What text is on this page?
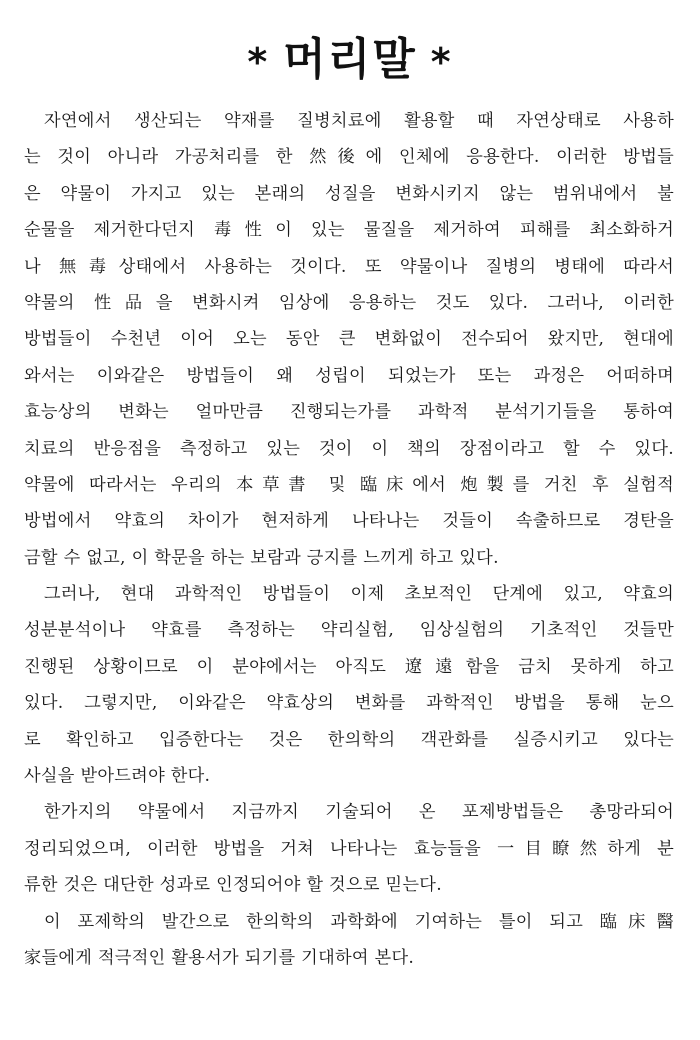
* 머리말 *
자연에서 생산되는 약재를 질병치료에 활용할 때 자연상태로 사용하
는 것이 아니라 가공처리를 한 然後에 인체에 응용한다. 이러한 방법들
은 약물이 가지고 있는 본래의 성질을 변화시키지 않는 범위내에서 불
순물을 제거한다던지 毒性이 있는 물질을 제거하여 피해를 최소화하거
나 無毒상태에서 사용하는 것이다. 또 약물이나 질병의 병태에 따라서
약물의 性品을 변화시켜 임상에 응용하는 것도 있다. 그러나, 이러한
방법들이 수천년 이어 오는 동안 큰 변화없이 전수되어 왔지만, 현대에
와서는 이와같은 방법들이 왜 성립이 되었는가 또는 과정은 어떠하며
효능상의 변화는 얼마만큼 진행되는가를 과학적 분석기기들을 통하여
치료의 반응점을 측정하고 있는 것이 이 책의 장점이라고 할 수 있다.
약물에 따라서는 우리의 本草書 및 臨床에서 炮製를 거친 후 실험적
방법에서 약효의 차이가 현저하게 나타나는 것들이 속출하므로 경탄을
금할 수 없고, 이 학문을 하는 보람과 긍지를 느끼게 하고 있다.
그러나, 현대 과학적인 방법들이 이제 초보적인 단계에 있고, 약효의
성분분석이나 약효를 측정하는 약리실험, 임상실험의 기초적인 것들만
진행된 상황이므로 이 분야에서는 아직도 遼遠함을 금치 못하게 하고
있다. 그렇지만, 이와같은 약효상의 변화를 과학적인 방법을 통해 눈으
로 확인하고 입증한다는 것은 한의학의 객관화를 실증시키고 있다는
사실을 받아드려야 한다.
한가지의 약물에서 지금까지 기술되어 온 포제방법들은 총망라되어
정리되었으며, 이러한 방법을 거쳐 나타나는 효능들을 一目瞭然하게 분
류한 것은 대단한 성과로 인정되어야 할 것으로 믿는다.
이 포제학의 발간으로 한의학의 과학화에 기여하는 틀이 되고 臨床醫
家들에게 적극적인 활용서가 되기를 기대하여 본다.
